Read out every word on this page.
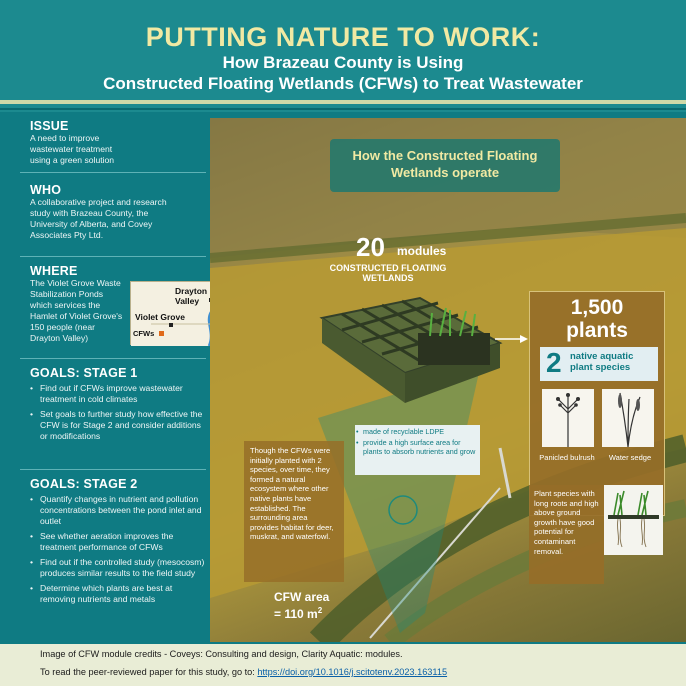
PUTTING NATURE TO WORK:
How Brazeau County is Using
Constructed Floating Wetlands (CFWs) to Treat Wastewater
ISSUE

A need to improve wastewater treatment using a green solution

WHO

A collaborative project and research study with Brazeau County, the University of Alberta, and Covey Associates Pty Ltd.

WHERE

The Violet Grove Waste Stabilization Ponds which services the Hamlet of Violet Grove's 150 people (near Drayton Valley)

Drayton Valley
Violet Grove
CFWs
GOALS: STAGE 1
• Find out if CFWs improve wastewater treatment in cold climates
• Set goals to further study how effective the CFW is for Stage 2 and consider additions or modifications
GOALS: STAGE 2
• Quantify changes in nutrient and pollution concentrations between the pond inlet and outlet
• See whether aeration improves the treatment performance of CFWs
• Find out if the controlled study (mesocosm) produces similar results to the field study
• Determine which plants are best at removing nutrients and metals
How the Constructed Floating
Wetlands operate
20 modules
CONSTRUCTED FLOATING WETLANDS
1,500
plants
2 native aquatic plant species
Panicled bulrush	Water sedge
• made of recyclable LDPE
• provide a high surface area for plants to absorb nutrients and grow

Though the CFWs were initially planted with 2 species, over time, they formed a natural ecosystem where other native plants have established. The surrounding area provides habitat for deer, muskrat, and waterfowl.

Plant species with long roots and high above ground growth have good potential for contaminant removal.

CFW area
= 110 $m^2$
Image of CFW module credits - Coveys: Consulting and design, Clarity Aquatic: modules.
To read the peer-reviewed paper for this study, go to: https://doi.org/10.1016/j.scitotenv.2023.163115
